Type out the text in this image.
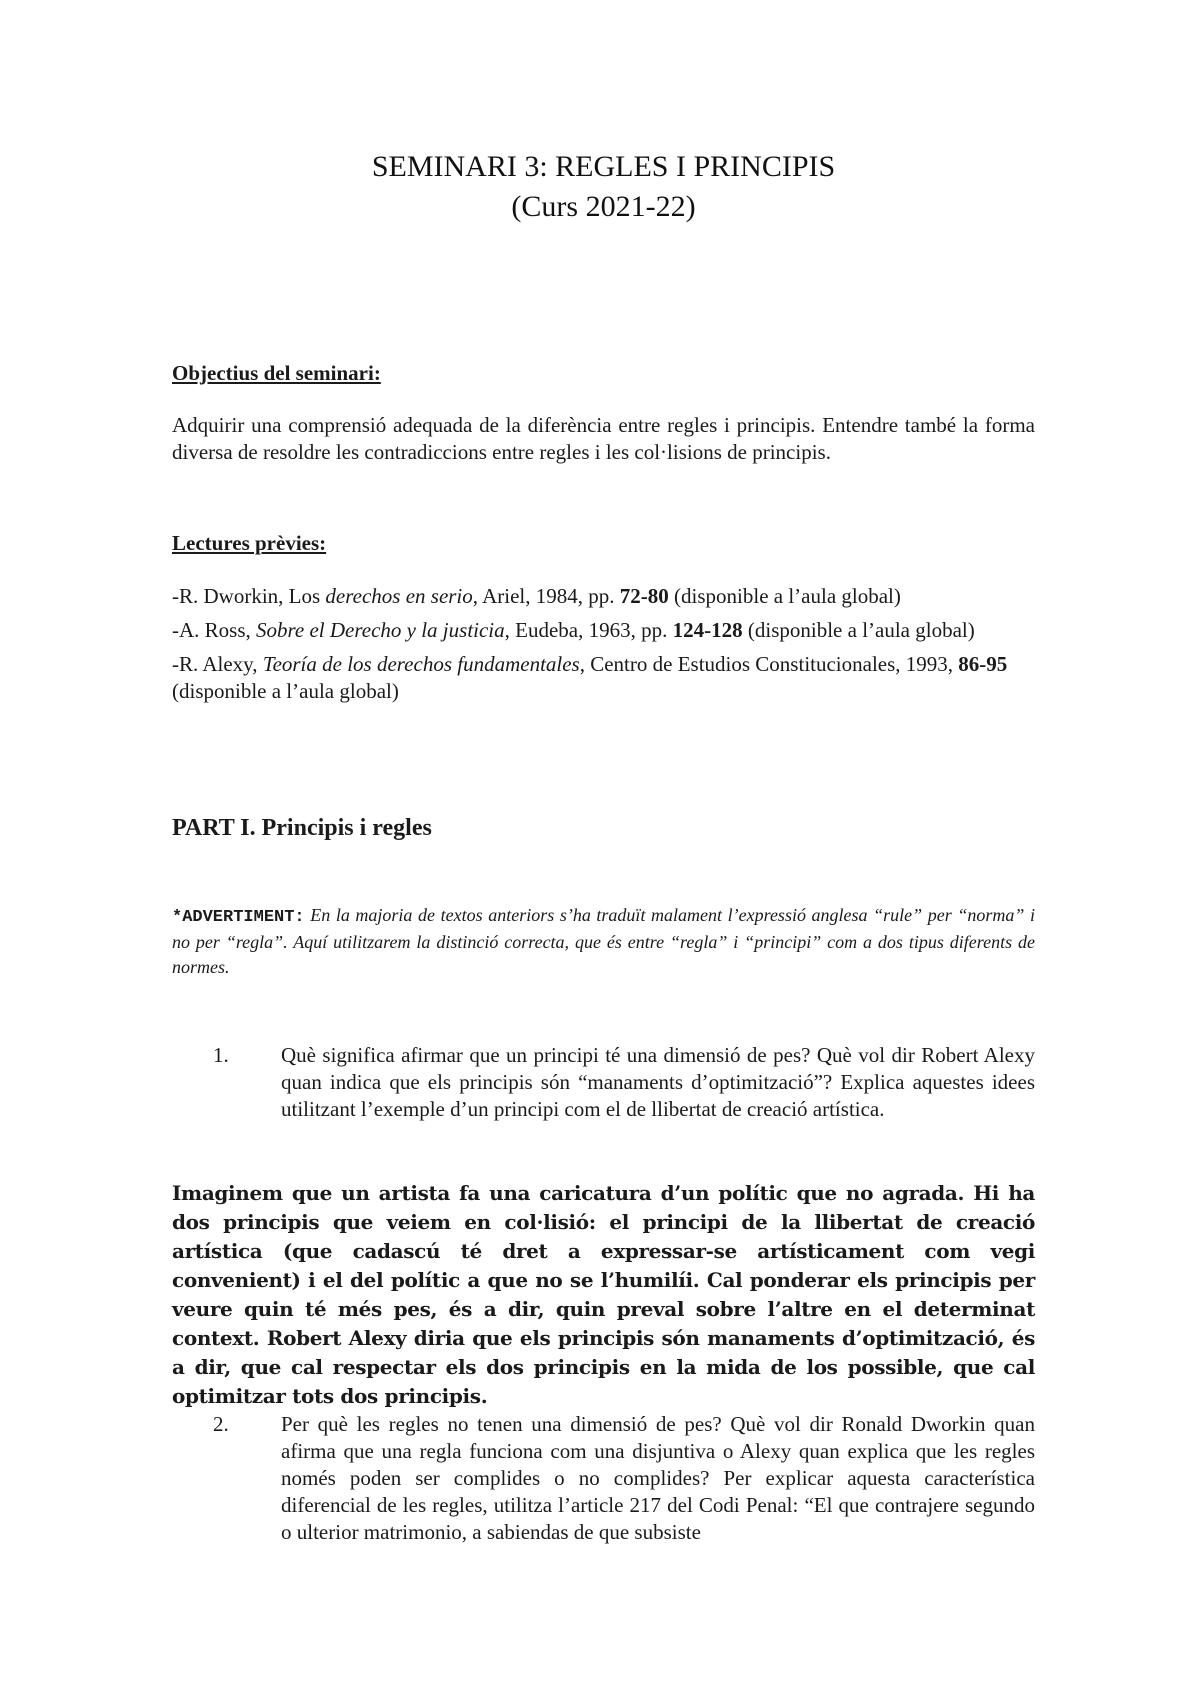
SEMINARI 3: REGLES I PRINCIPIS
(Curs 2021-22)
Objectius del seminari:
Adquirir una comprensió adequada de la diferència entre regles i principis. Entendre també la forma diversa de resoldre les contradiccions entre regles i les col·lisions de principis.
Lectures prèvies:
-R. Dworkin, Los derechos en serio, Ariel, 1984, pp. 72-80 (disponible a l’aula global)
-A. Ross, Sobre el Derecho y la justicia, Eudeba, 1963, pp. 124-128 (disponible a l’aula global)
-R. Alexy, Teoría de los derechos fundamentales, Centro de Estudios Constitucionales, 1993, 86-95 (disponible a l’aula global)
PART I. Principis i regles
*ADVERTIMENT: En la majoria de textos anteriors s’ha traduït malament l’expressió anglesa “rule” per “norma” i no per “regla”. Aquí utilitzarem la distinció correcta, que és entre “regla” i “principi” com a dos tipus diferents de normes.
1.	Què significa afirmar que un principi té una dimensió de pes? Què vol dir Robert Alexy quan indica que els principis són “manaments d’optimització”? Explica aquestes idees utilitzant l’exemple d’un principi com el de llibertat de creació artística.
Imaginem que un artista fa una caricatura d’un polític que no agrada. Hi ha dos principis que veiem en col·lisió: el principi de la llibertat de creació artística (que cadascú té dret a expressar-se artísticament com vegi convenient) i el del polític a que no se l’humilíi. Cal ponderar els principis per veure quin té més pes, és a dir, quin preval sobre l’altre en el determinat context. Robert Alexy diria que els principis són manaments d’optimització, és a dir, que cal respectar els dos principis en la mida de los possible, que cal optimitzar tots dos principis.
2.	Per què les regles no tenen una dimensió de pes? Què vol dir Ronald Dworkin quan afirma que una regla funciona com una disjuntiva o Alexy quan explica que les regles només poden ser complides o no complides? Per explicar aquesta característica diferencial de les regles, utilitza l’article 217 del Codi Penal: “El que contrajere segundo o ulterior matrimonio, a sabiendas de que subsiste
